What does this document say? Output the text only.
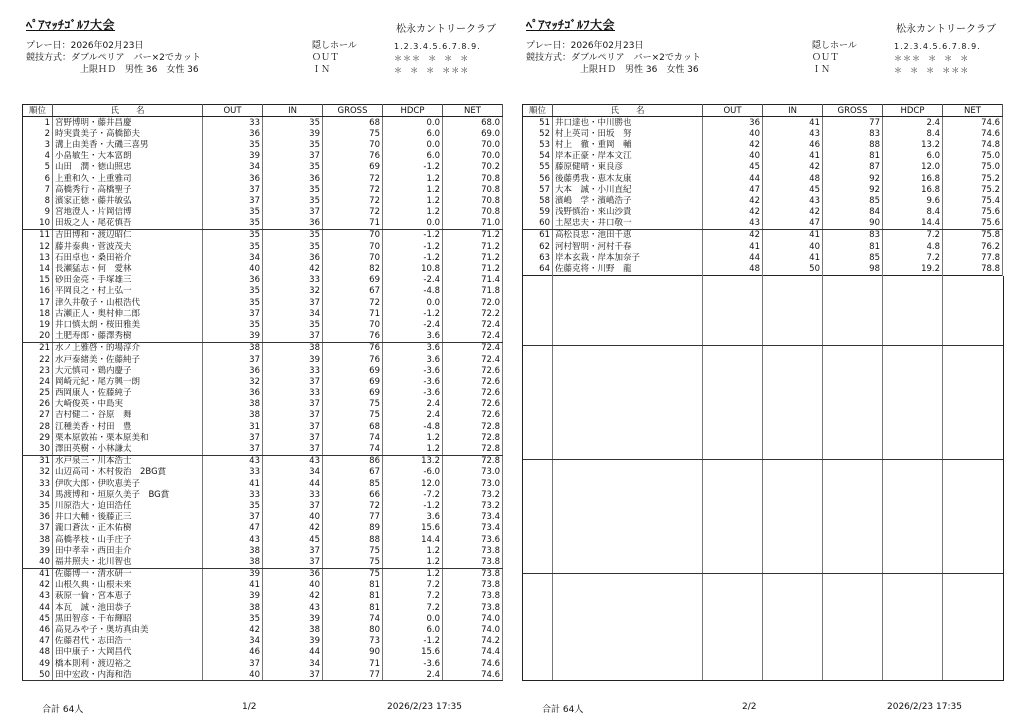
ﾍﾟｱﾏｯﾁｺﾞﾙﾌ大会	松永カントリークラブ
プレー日：2026年02月23日
競技方式：ダブルペリア　バー×2でカット
上限ＨＤ　男性 36　女性 36
隠しホール
ＯＵＴ
ＩＮ
1.2.3.4.5.6.7.8.9.
＊＊＊  ＊  ＊  ＊
＊  ＊  ＊  ＊＊＊
順位	氏　　名	OUT	IN	GROSS	HDCP	NET
1	宮野博明・藤井昌慶	33	35	68	0.0	68.0
2	時実貴美子・高橋節夫	36	39	75	6.0	69.0
3	溝上由美香・大磯三喜男	35	35	70	0.0	70.0
4	小畠敏生・大本富朗	39	37	76	6.0	70.0
5	山田　潤・徳山照忠	34	35	69	-1.2	70.2
6	上重和久・上重雅司	36	36	72	1.2	70.8
7	高橋秀行・高橋聖子	37	35	72	1.2	70.8
8	濱家正徳・藤井敏弘	37	35	72	1.2	70.8
9	宮地澄人・片岡信博	35	37	72	1.2	70.8
10	田坂之人・尾花慎吾	35	36	71	0.0	71.0
11	吉田博和・渡辺昭仁	35	35	70	-1.2	71.2
12	藤井泰典・菅波茂夫	35	35	70	-1.2	71.2
13	石田卓也・桑田裕介	34	36	70	-1.2	71.2
14	長瀬猛志・何　愛林	40	42	82	10.8	71.2
15	砂田金亮・手塚雄三	36	33	69	-2.4	71.4
16	平岡良之・村上弘一	35	32	67	-4.8	71.8
17	津久井敬子・山根浩代	35	37	72	0.0	72.0
18	古瀬正人・奥村伸二郎	37	34	71	-1.2	72.2
19	井口慎太朗・桜田雅美	35	35	70	-2.4	72.4
20	土肥寿郎・藤澤秀樹	39	37	76	3.6	72.4
21	水ノ上雅啓・的場淳介	38	38	76	3.6	72.4
22	水戸泰緒美・佐藤純子	37	39	76	3.6	72.4
23	大元慎司・鶏内慶子	36	33	69	-3.6	72.6
24	岡崎元紀・尾方興一朗	32	37	69	-3.6	72.6
25	西岡康人・佐藤純子	36	33	69	-3.6	72.6
26	大崎俊英・中島実	38	37	75	2.4	72.6
27	吉村健二・谷原　舞	38	37	75	2.4	72.6
28	江種美香・村田　豊	31	37	68	-4.8	72.8
29	栗本原敦祐・栗本原美和	37	37	74	1.2	72.8
30	澤田英樹・小林謙太	37	37	74	1.2	72.8
31	水戸泉三・川本浩士	43	43	86	13.2	72.8
32	山辺高司・木村俊治　2BG賞	33	34	67	-6.0	73.0
33	伊吹大郎・伊吹恵美子	41	44	85	12.0	73.0
34	馬渡博和・垣原久美子　BG賞	33	33	66	-7.2	73.2
35	川原浩大・迫田浩任	35	37	72	-1.2	73.2
36	井口大輔・後藤正三	37	40	77	3.6	73.4
37	瀧口蒼汰・正木佑樹	47	42	89	15.6	73.4
38	高橋孝枝・山手庄子	43	45	88	14.4	73.6
39	田中孝幸・西田圭介	38	37	75	1.2	73.8
40	福井照夫・北川智也	38	37	75	1.2	73.8
41	佐藤博一・清水研一	39	36	75	1.2	73.8
42	山根久典・山根未来	41	40	81	7.2	73.8
43	萩原一倫・宮本恵子	39	42	81	7.2	73.8
44	本瓦　誠・池田恭子	38	43	81	7.2	73.8
45	黒田智彦・千布輝昭	35	39	74	0.0	74.0
46	高見みや子・奥坊真由美	42	38	80	6.0	74.0
47	佐藤君代・志田浩一	34	39	73	-1.2	74.2
48	田中康子・大岡昌代	46	44	90	15.6	74.4
49	橋本則利・渡辺裕之	37	34	71	-3.6	74.6
50	田中宏政・内海和浩	40	37	77	2.4	74.6
合計 64人	1/2	2026/2/23 17:35
ﾍﾟｱﾏｯﾁｺﾞﾙﾌ大会	松永カントリークラブ
プレー日：2026年02月23日
競技方式：ダブルペリア　バー×2でカット
上限ＨＤ　男性 36　女性 36
隠しホール
ＯＵＴ
ＩＮ
1.2.3.4.5.6.7.8.9.
＊＊＊  ＊  ＊  ＊
＊  ＊  ＊  ＊＊＊
順位	氏　　名	OUT	IN	GROSS	HDCP	NET
51	井口達也・中川勝也	36	41	77	2.4	74.6
52	村上英司・田坂　努	40	43	83	8.4	74.6
53	村上　徹・重岡　輔	42	46	88	13.2	74.8
54	岸本正豪・岸本文江	40	41	81	6.0	75.0
55	藤原健晴・東良彦	45	42	87	12.0	75.0
56	後藤勇我・恵木友康	44	48	92	16.8	75.2
57	大本　誠・小川直紀	47	45	92	16.8	75.2
58	濱嶋　学・濱嶋浩子	42	43	85	9.6	75.4
59	浅野慎治・來山沙貴	42	42	84	8.4	75.6
60	土屋忠夫・井口敬一	43	47	90	14.4	75.6
61	高松良忠・池田千恵	42	41	83	7.2	75.8
62	河村智明・河村千春	41	40	81	4.8	76.2
63	岸本玄栽・岸本加奈子	44	41	85	7.2	77.8
64	佐藤克将・川野　龍	48	50	98	19.2	78.8
合計 64人	2/2	2026/2/23 17:35
